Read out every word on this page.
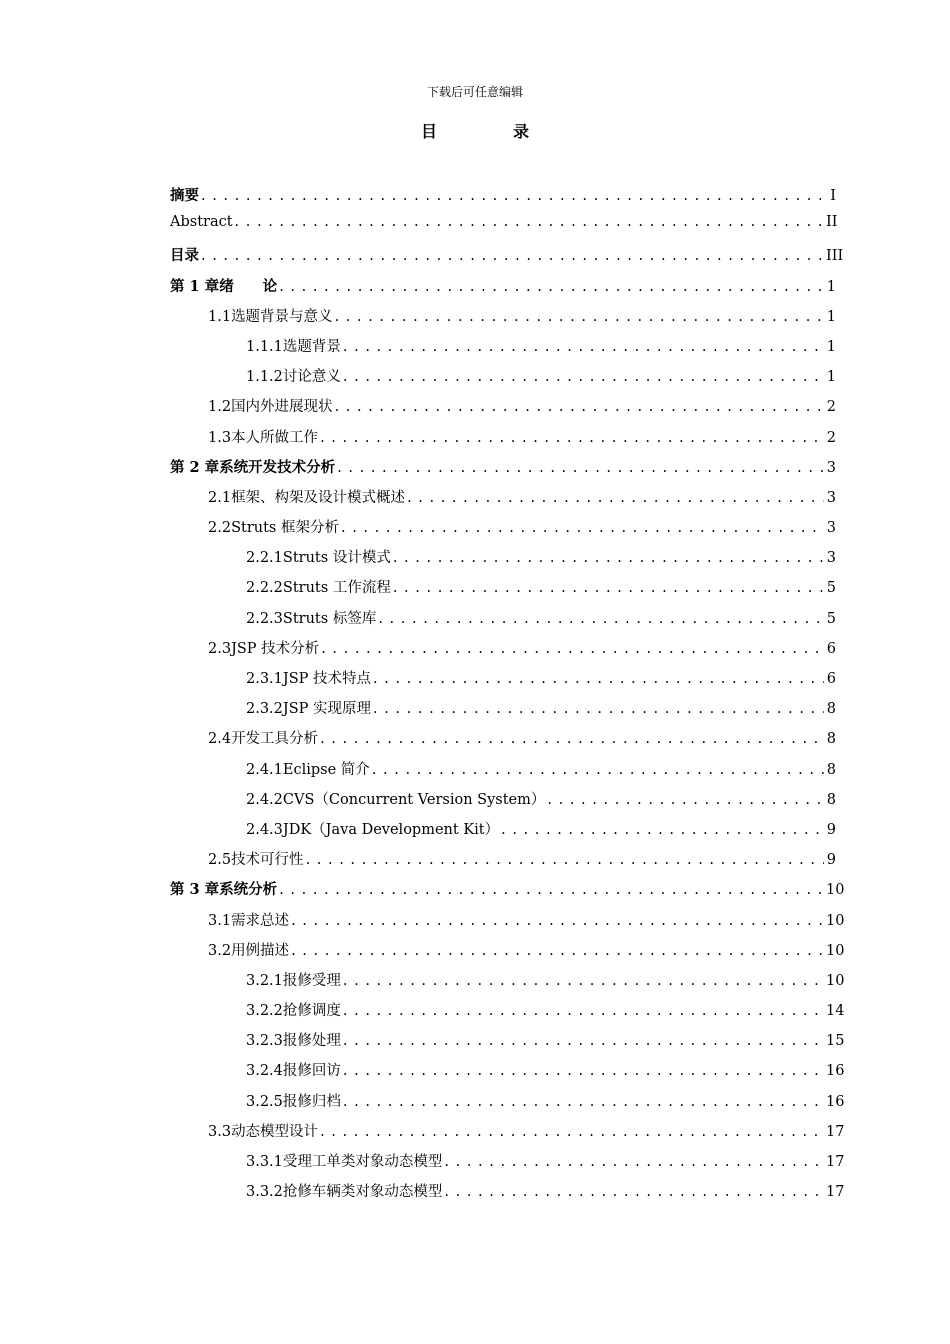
下载后可任意编辑
目　录
摘要 . . .	I
Abstract . . .	II
目录 . . .	III
第 1 章 绪　　论 . . .	1
1.1 选题背景与意义 . . .	1
1.1.1 选题背景 . . .	1
1.1.2 讨论意义 . . .	1
1.2 国内外进展现状 . . .	2
1.3 本人所做工作 . . .	2
第 2 章 系统开发技术分析 . . .	3
2.1 框架、构架及设计模式概述 . . .	3
2.2 Struts 框架分析 . . .	3
2.2.1 Struts 设计模式 . . .	3
2.2.2 Struts 工作流程 . . .	5
2.2.3 Struts 标签库 . . .	5
2.3 JSP 技术分析 . . .	6
2.3.1 JSP 技术特点 . . .	6
2.3.2 JSP 实现原理 . . .	8
2.4 开发工具分析 . . .	8
2.4.1 Eclipse 简介 . . .	8
2.4.2 CVS（Concurrent Version System） . . .	8
2.4.3 JDK（Java Development Kit） . . .	9
2.5 技术可行性 . . .	9
第 3 章 系统分析 . . .	10
3.1 需求总述 . . .	10
3.2 用例描述 . . .	10
3.2.1 报修受理 . . .	10
3.2.2 抢修调度 . . .	14
3.2.3 报修处理 . . .	15
3.2.4 报修回访 . . .	16
3.2.5 报修归档 . . .	16
3.3 动态模型设计 . . .	17
3.3.1 受理工单类对象动态模型 . . .	17
3.3.2 抢修车辆类对象动态模型 . . .	17
